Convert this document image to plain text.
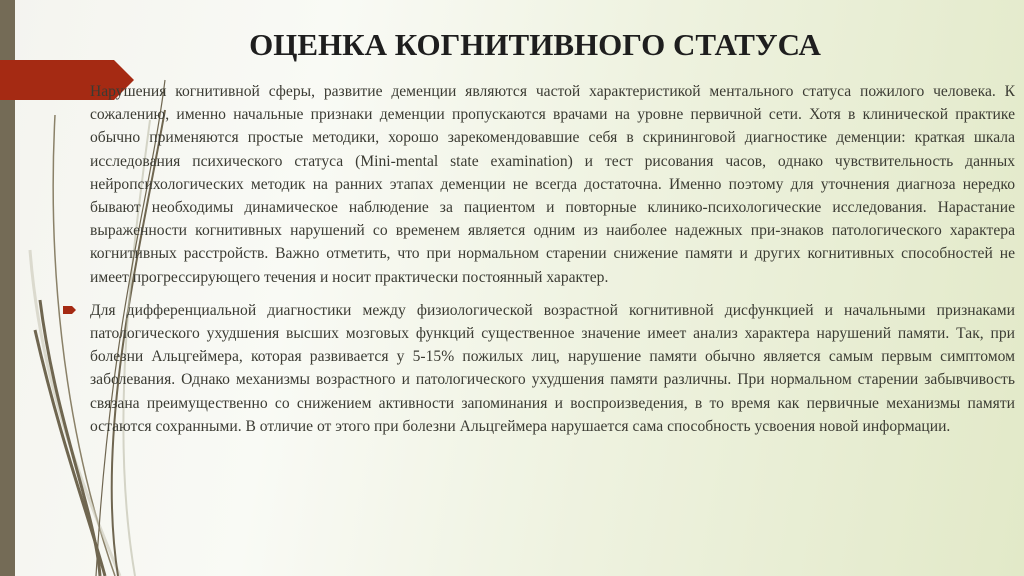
ОЦЕНКА КОГНИТИВНОГО СТАТУСА
Нарушения когнитивной сферы, развитие деменции являются частой характеристикой ментального статуса пожилого человека. К сожалению, именно начальные признаки деменции пропускаются врачами на уровне первичной сети. Хотя в клинической практике обычно применяются простые методики, хорошо зарекомендовавшие себя в скрининговой диагностике деменции: краткая шкала исследования психического статуса (Mini-mental state examination) и тест рисования часов, однако чувствительность данных нейропсихологических методик на ранних этапах деменции не всегда достаточна. Именно поэтому для уточнения диагноза нередко бывают необходимы динамическое наблюдение за пациентом и повторные клинико-психологические исследования. Нарастание выраженности когнитивных нарушений со временем является одним из наиболее надежных при-знаков патологического характера когнитивных расстройств. Важно отметить, что при нормальном старении снижение памяти и других когнитивных способностей не имеет прогрессирующего течения и носит практически постоянный характер.
Для дифференциальной диагностики между физиологической возрастной когнитивной дисфункцией и начальными признаками патологического ухудшения высших мозговых функций существенное значение имеет анализ характера нарушений памяти. Так, при болезни Альцгеймера, которая развивается у 5-15% пожилых лиц, нарушение памяти обычно является самым первым симптомом заболевания. Однако механизмы возрастного и патологического ухудшения памяти различны. При нормальном старении забывчивость связана преимущественно со снижением активности запоминания и воспроизведения, в то время как первичные механизмы памяти остаются сохранными. В отличие от этого при болезни Альцгеймера нарушается сама способность усвоения новой информации.
